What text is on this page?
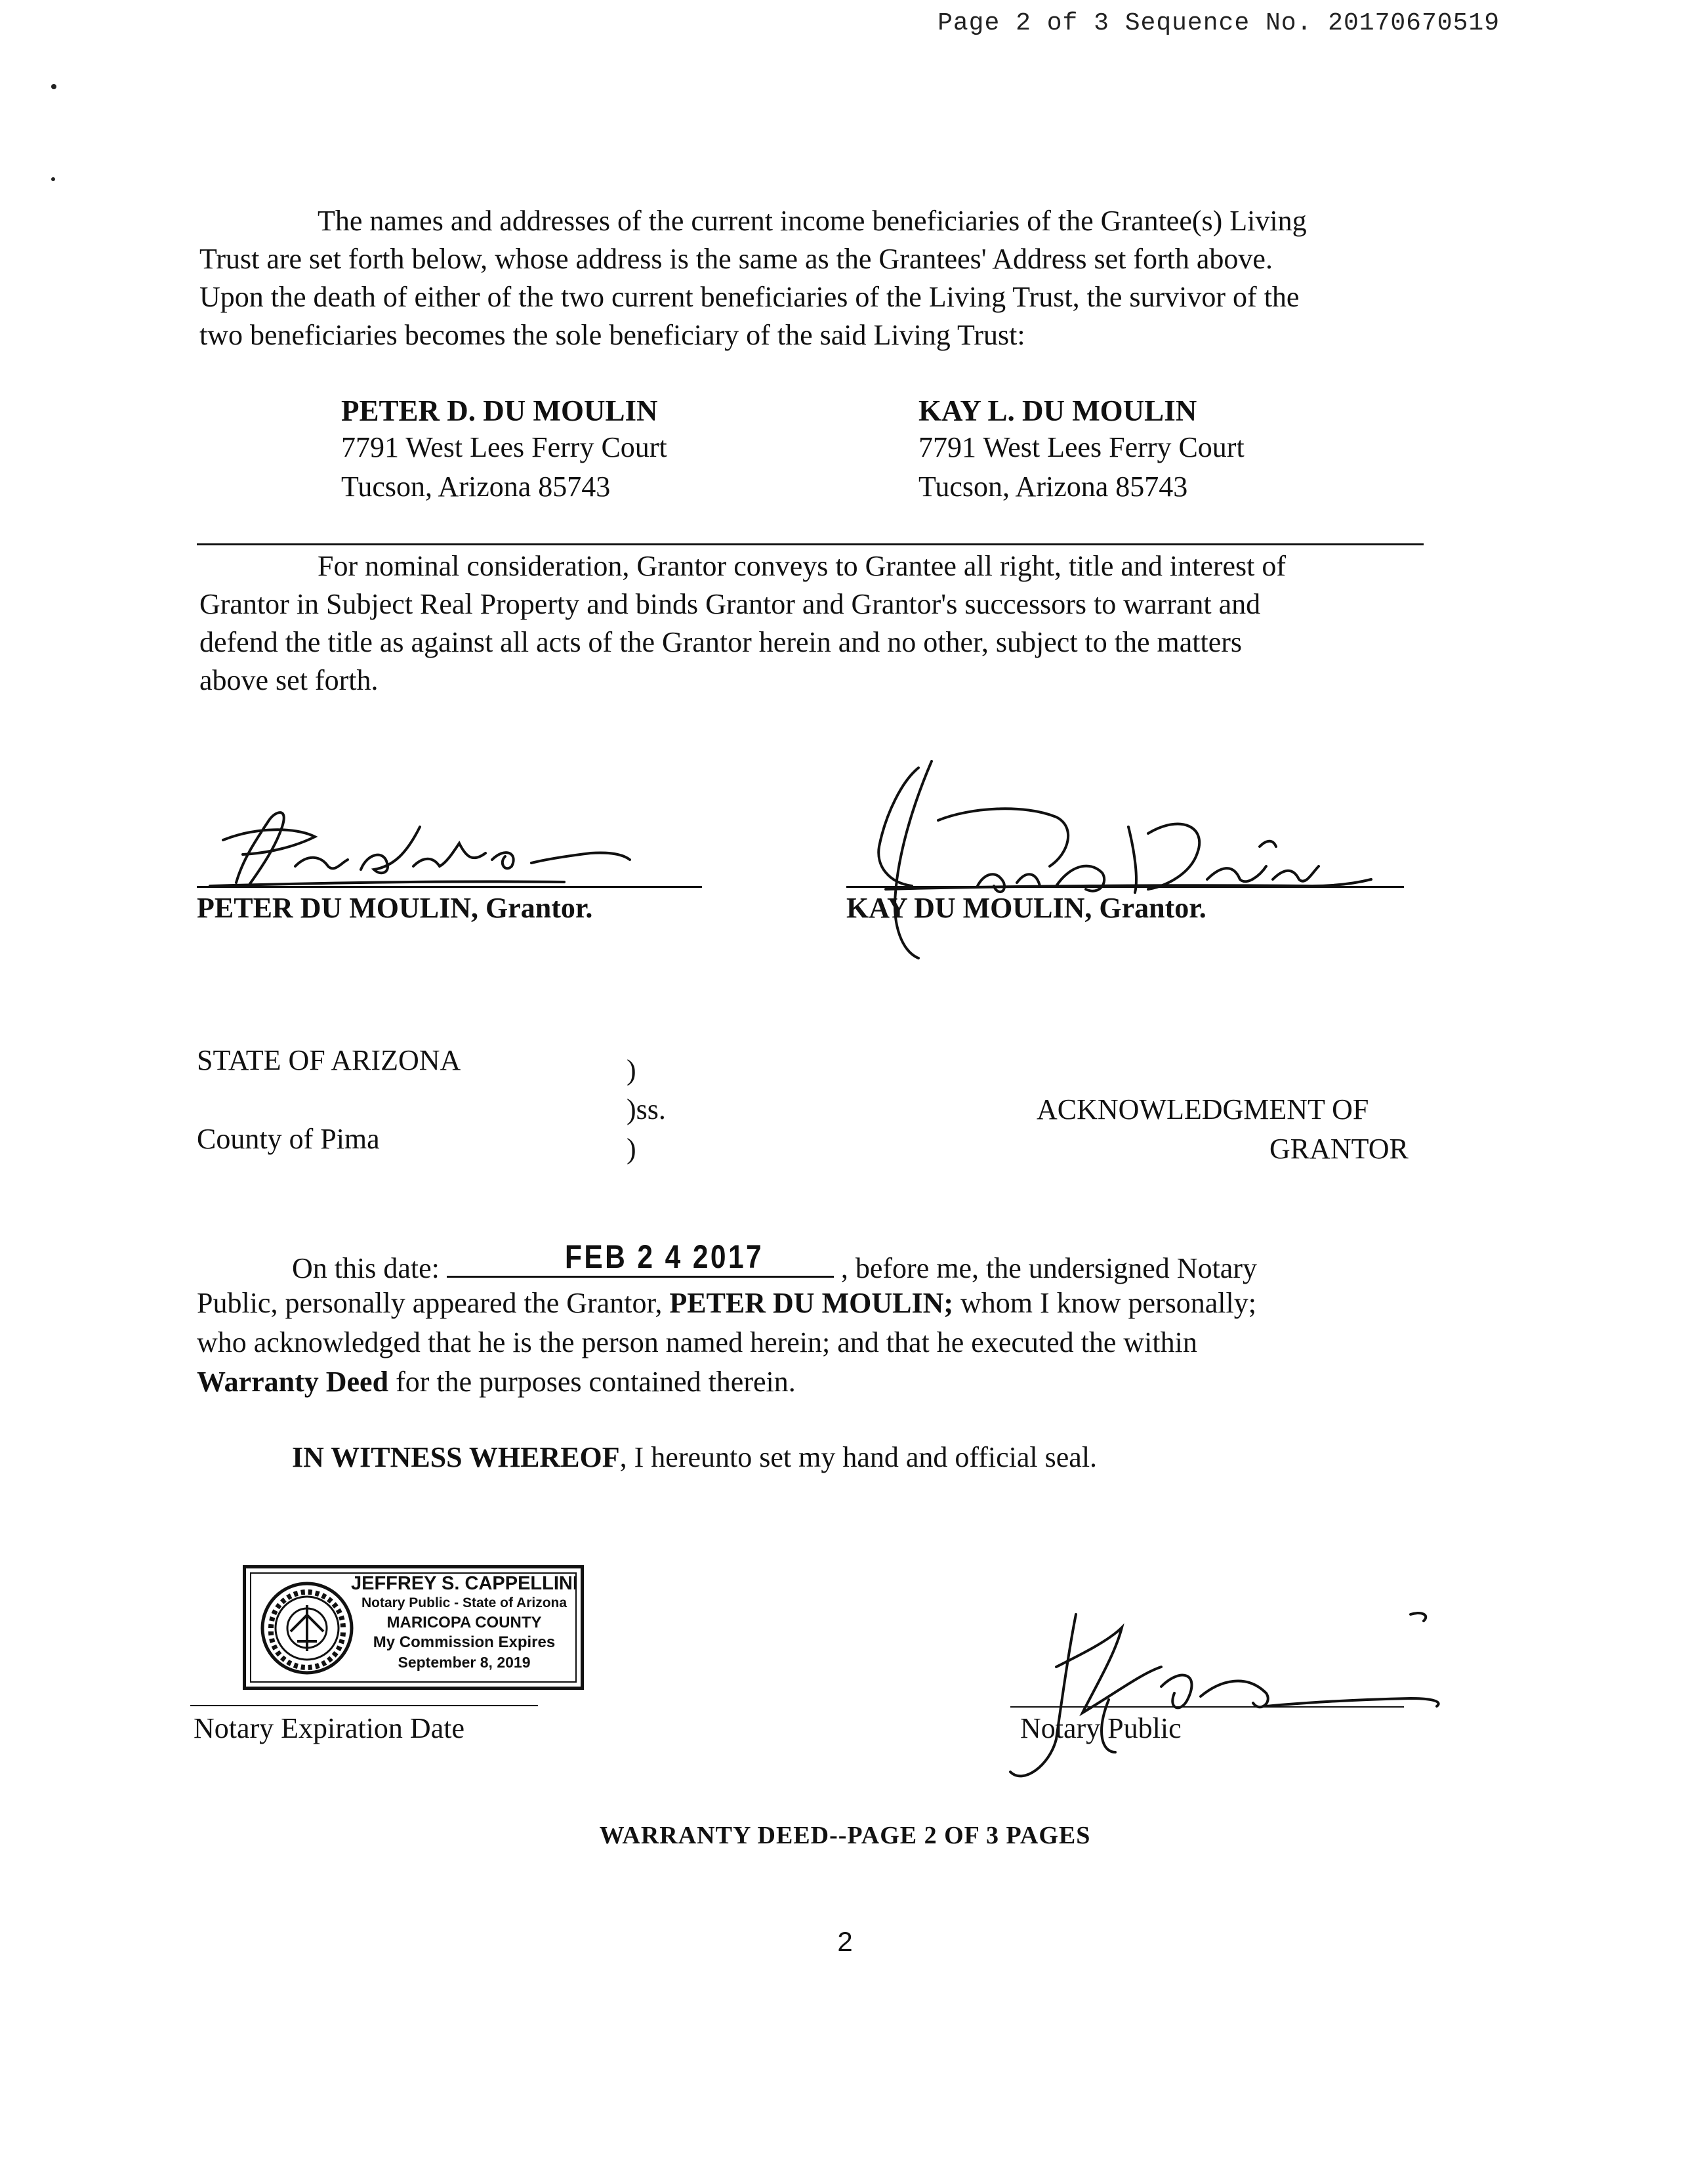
Page 2 of 3 Sequence No. 20170670519

The names and addresses of the current income beneficiaries of the Grantee(s) Living

Trust are set forth below, whose address is the same as the Grantees' Address set forth above.

Upon the death of either of the two current beneficiaries of the Living Trust, the survivor of the

two beneficiaries becomes the sole beneficiary of the said Living Trust:

PETER D. DU MOULIN
7791 West Lees Ferry Court
Tucson, Arizona 85743
KAY L. DU MOULIN
7791 West Lees Ferry Court
Tucson, Arizona 85743

For nominal consideration, Grantor conveys to Grantee all right, title and interest of

Grantor in Subject Real Property and binds Grantor and Grantor's successors to warrant and

defend the title as against all acts of the Grantor herein and no other, subject to the matters

above set forth.

PETER DU MOULIN, Grantor.	KAY DU MOULIN, Grantor.
STATE OF ARIZONA
County of Pima
)
)ss.
)
ACKNOWLEDGMENT OF
GRANTOR
On this date:	FEB 2 4 2017	, before me, the undersigned Notary
Public, personally appeared the Grantor, PETER DU MOULIN; whom I know personally;
who acknowledged that he is the person named herein; and that he executed the within
Warranty Deed for the purposes contained therein.
IN WITNESS WHEREOF, I hereunto set my hand and official seal.
JEFFREY S. CAPPELLINI
Notary Public - State of Arizona
MARICOPA COUNTY
My Commission Expires
September 8, 2019
Notary Expiration Date	Notary Public
WARRANTY DEED--PAGE 2 OF 3 PAGES
2
